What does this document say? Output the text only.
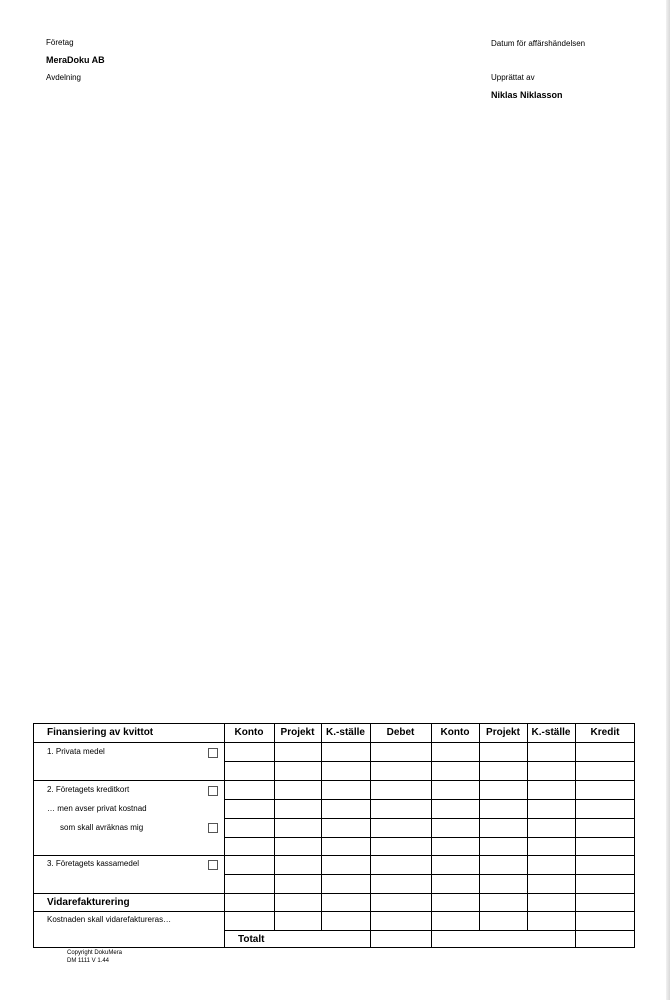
Företag
MeraDoku AB
Avdelning
Datum för affärshändelsen
Upprättat av
Niklas Niklasson
Finansiering av kvittot	Konto	Projekt	K.-ställe	Debet	Konto	Projekt	K.-ställe	Kredit
1. Privata medel
2. Företagets kreditkort
… men avser privat kostnad
som skall avräknas mig
3. Företagets kassamedel
Vidarefakturering
Kostnaden skall vidarefaktureras…
Totalt
Copyright DokuMera
DM 1111 V 1.44
